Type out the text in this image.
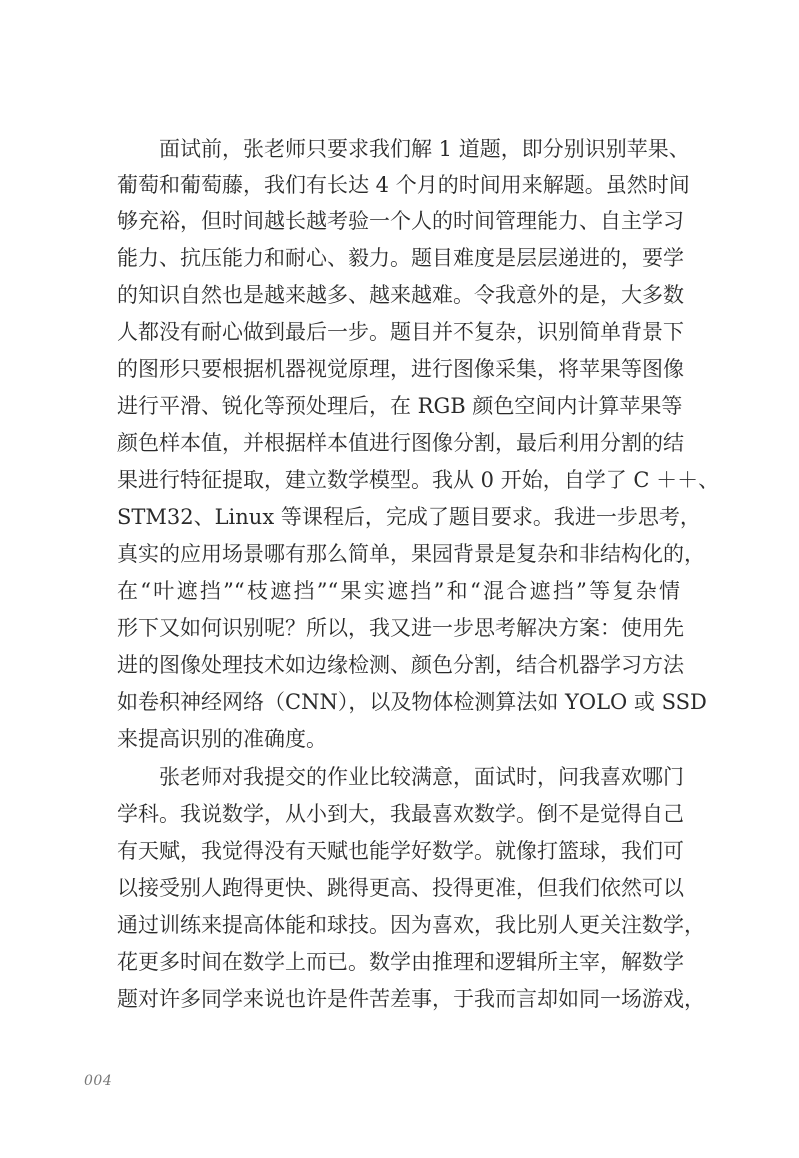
面试前，张老师只要求我们解 1 道题，即分别识别苹果、
葡萄和葡萄藤，我们有长达 4 个月的时间用来解题。虽然时间
够充裕，但时间越长越考验一个人的时间管理能力、自主学习
能力、抗压能力和耐心、毅力。题目难度是层层递进的，要学
的知识自然也是越来越多、越来越难。令我意外的是，大多数
人都没有耐心做到最后一步。题目并不复杂，识别简单背景下
的图形只要根据机器视觉原理，进行图像采集，将苹果等图像
进行平滑、锐化等预处理后，在 RGB 颜色空间内计算苹果等
颜色样本值，并根据样本值进行图像分割，最后利用分割的结
果进行特征提取，建立数学模型。我从 0 开始，自学了 C ＋＋、
STM32、Linux 等课程后，完成了题目要求。我进一步思考，
真实的应用场景哪有那么简单，果园背景是复杂和非结构化的，
在“叶遮挡”“枝遮挡”“果实遮挡”和“混合遮挡”等复杂情
形下又如何识别呢？所以，我又进一步思考解决方案：使用先
进的图像处理技术如边缘检测、颜色分割，结合机器学习方法
如卷积神经网络（CNN），以及物体检测算法如 YOLO 或 SSD
来提高识别的准确度。
张老师对我提交的作业比较满意，面试时，问我喜欢哪门
学科。我说数学，从小到大，我最喜欢数学。倒不是觉得自己
有天赋，我觉得没有天赋也能学好数学。就像打篮球，我们可
以接受别人跑得更快、跳得更高、投得更准，但我们依然可以
通过训练来提高体能和球技。因为喜欢，我比别人更关注数学，
花更多时间在数学上而已。数学由推理和逻辑所主宰，解数学
题对许多同学来说也许是件苦差事，于我而言却如同一场游戏，
004
